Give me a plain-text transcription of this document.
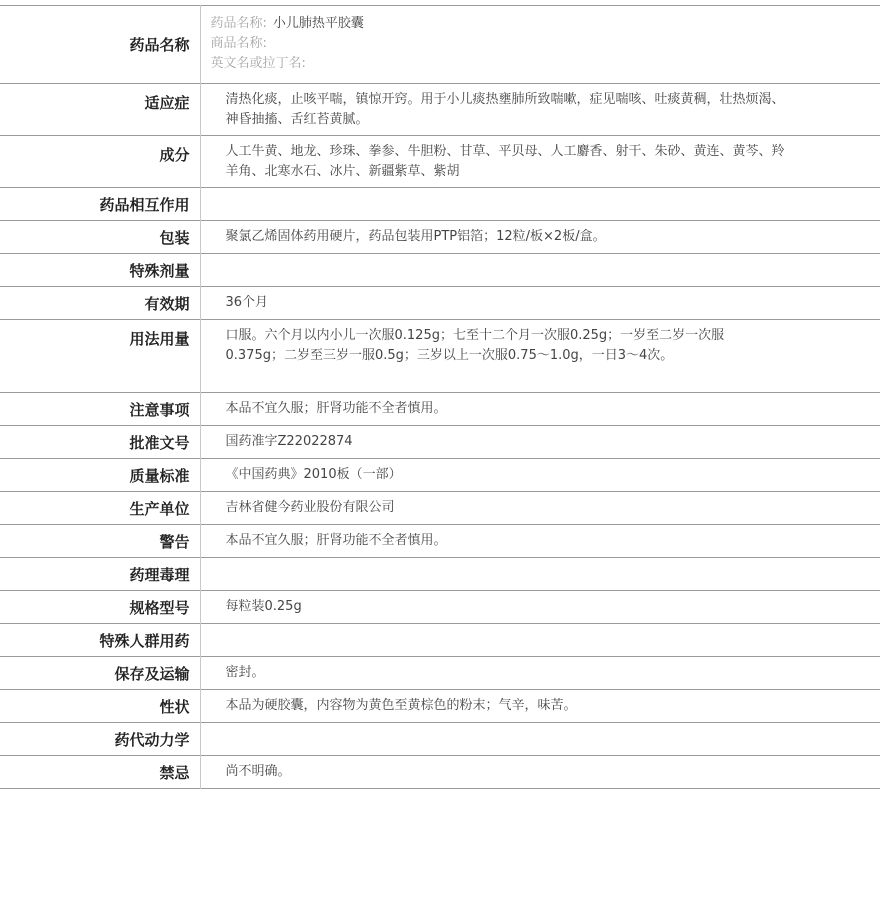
药品名称	药品名称: 小儿肺热平胶囊
商品名称:
英文名或拉丁名:

适应症	清热化痰，止咳平喘，镇惊开窍。用于小儿痰热壅肺所致喘嗽，症见喘咳、吐痰黄稠，壮热烦渴、神昏抽搐、舌红苔黄腻。

成分	人工牛黄、地龙、珍珠、拳参、牛胆粉、甘草、平贝母、人工麝香、射干、朱砂、黄连、黄芩、羚羊角、北寒水石、冰片、新疆紫草、紫胡

药品相互作用	
包装	聚氯乙烯固体药用硬片，药品包装用PTP铝箔；12粒/板×2板/盒。
特殊剂量	
有效期	36个月
用法用量	口服。六个月以内小儿一次服0.125g；七至十二个月一次服0.25g；一岁至二岁一次服0.375g；二岁至三岁一服0.5g；三岁以上一次服0.75～1.0g，一日3～4次。

注意事项	本品不宜久服；肝肾功能不全者慎用。
批准文号	国药准字Z22022874
质量标准	《中国药典》2010板（一部）
生产单位	吉林省健今药业股份有限公司
警告	本品不宜久服；肝肾功能不全者慎用。
药理毒理	
规格型号	每粒装0.25g
特殊人群用药	
保存及运输	密封。
性状	本品为硬胶囊，内容物为黄色至黄棕色的粉末；气辛，味苦。
药代动力学	
禁忌	尚不明确。
